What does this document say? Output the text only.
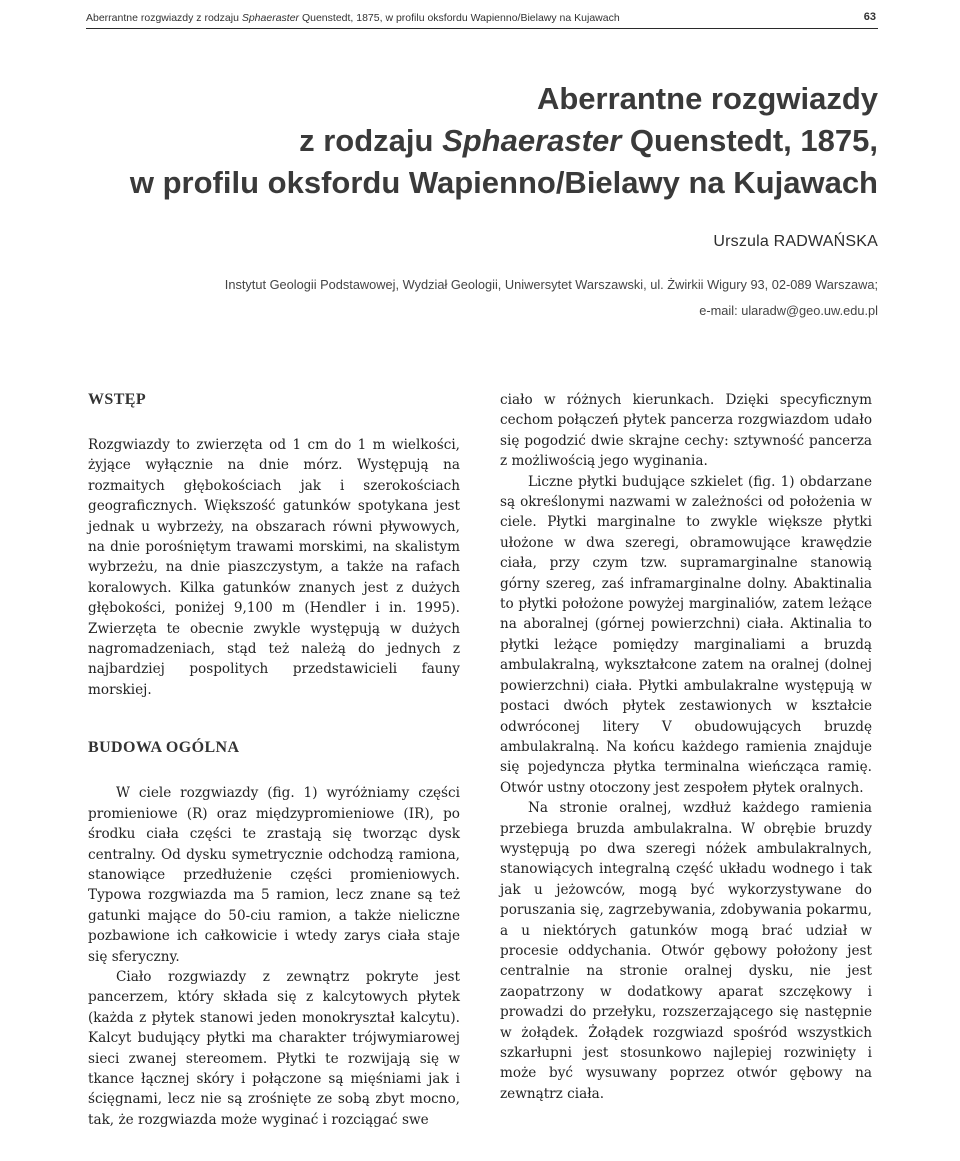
Aberrantne rozgwiazdy z rodzaju Sphaeraster Quenstedt, 1875, w profilu oksfordu Wapienno/Bielawy na Kujawach	63
Aberrantne rozgwiazdy
z rodzaju Sphaeraster Quenstedt, 1875,
w profilu oksfordu Wapienno/Bielawy na Kujawach
Urszula RADWAŃSKA
Instytut Geologii Podstawowej, Wydział Geologii, Uniwersytet Warszawski, ul. Żwirkii Wigury 93, 02-089 Warszawa;
e-mail: ularadw@geo.uw.edu.pl
WSTĘP

Rozgwiazdy to zwierzęta od 1 cm do 1 m wielkości, żyjące wyłącznie na dnie mórz. Występują na rozmaitych głębokościach jak i szerokościach geograficznych. Większość gatunków spotykana jest jednak u wybrzeży, na obszarach równi pływowych, na dnie porośniętym trawami morskimi, na skalistym wybrzeżu, na dnie piaszczystym, a także na rafach koralowych. Kilka gatunków znanych jest z dużych głębokości, poniżej 9,100 m (Hendler i in. 1995). Zwierzęta te obecnie zwykle występują w dużych nagromadzeniach, stąd też należą do jednych z najbardziej pospolitych przedstawicieli fauny morskiej.

BUDOWA OGÓLNA

W ciele rozgwiazdy (fig. 1) wyróżniamy części promieniowe (R) oraz międzypromieniowe (IR), po środku ciała części te zrastają się tworząc dysk centralny. Od dysku symetrycznie odchodzą ramiona, stanowiące przedłużenie części promieniowych. Typowa rozgwiazda ma 5 ramion, lecz znane są też gatunki mające do 50-ciu ramion, a także nieliczne pozbawione ich całkowicie i wtedy zarys ciała staje się sferyczny.

Ciało rozgwiazdy z zewnątrz pokryte jest pancerzem, który składa się z kalcytowych płytek (każda z płytek stanowi jeden monokryształ kalcytu). Kalcyt budujący płytki ma charakter trójwymiarowej sieci zwanej stereomem. Płytki te rozwijają się w tkance łącznej skóry i połączone są mięśniami jak i ścięgnami, lecz nie są zrośnięte ze sobą zbyt mocno, tak, że rozgwiazda może wyginać i rozciągać swe

ciało w różnych kierunkach. Dzięki specyficznym cechom połączeń płytek pancerza rozgwiazdom udało się pogodzić dwie skrajne cechy: sztywność pancerza z możliwością jego wyginania.

Liczne płytki budujące szkielet (fig. 1) obdarzane są określonymi nazwami w zależności od położenia w ciele. Płytki marginalne to zwykle większe płytki ułożone w dwa szeregi, obramowujące krawędzie ciała, przy czym tzw. supramarginalne stanowią górny szereg, zaś inframarginalne dolny. Abaktinalia to płytki położone powyżej marginaliów, zatem leżące na aboralnej (górnej powierzchni) ciała. Aktinalia to płytki leżące pomiędzy marginaliami a bruzdą ambulakralną, wykształcone zatem na oralnej (dolnej powierzchni) ciała. Płytki ambulakralne występują w postaci dwóch płytek zestawionych w kształcie odwróconej litery V obudowujących bruzdę ambulakralną. Na końcu każdego ramienia znajduje się pojedyncza płytka terminalna wieńcząca ramię. Otwór ustny otoczony jest zespołem płytek oralnych.

Na stronie oralnej, wzdłuż każdego ramienia przebiega bruzda ambulakralna. W obrębie bruzdy występują po dwa szeregi nóżek ambulakralnych, stanowiących integralną część układu wodnego i tak jak u jeżowców, mogą być wykorzystywane do poruszania się, zagrzebywania, zdobywania pokarmu, a u niektórych gatunków mogą brać udział w procesie oddychania. Otwór gębowy położony jest centralnie na stronie oralnej dysku, nie jest zaopatrzony w dodatkowy aparat szczękowy i prowadzi do przełyku, rozszerzającego się następnie w żołądek. Żołądek rozgwiazd spośród wszystkich szkarłupni jest stosunkowo najlepiej rozwinięty i może być wysuwany poprzez otwór gębowy na zewnątrz ciała.
